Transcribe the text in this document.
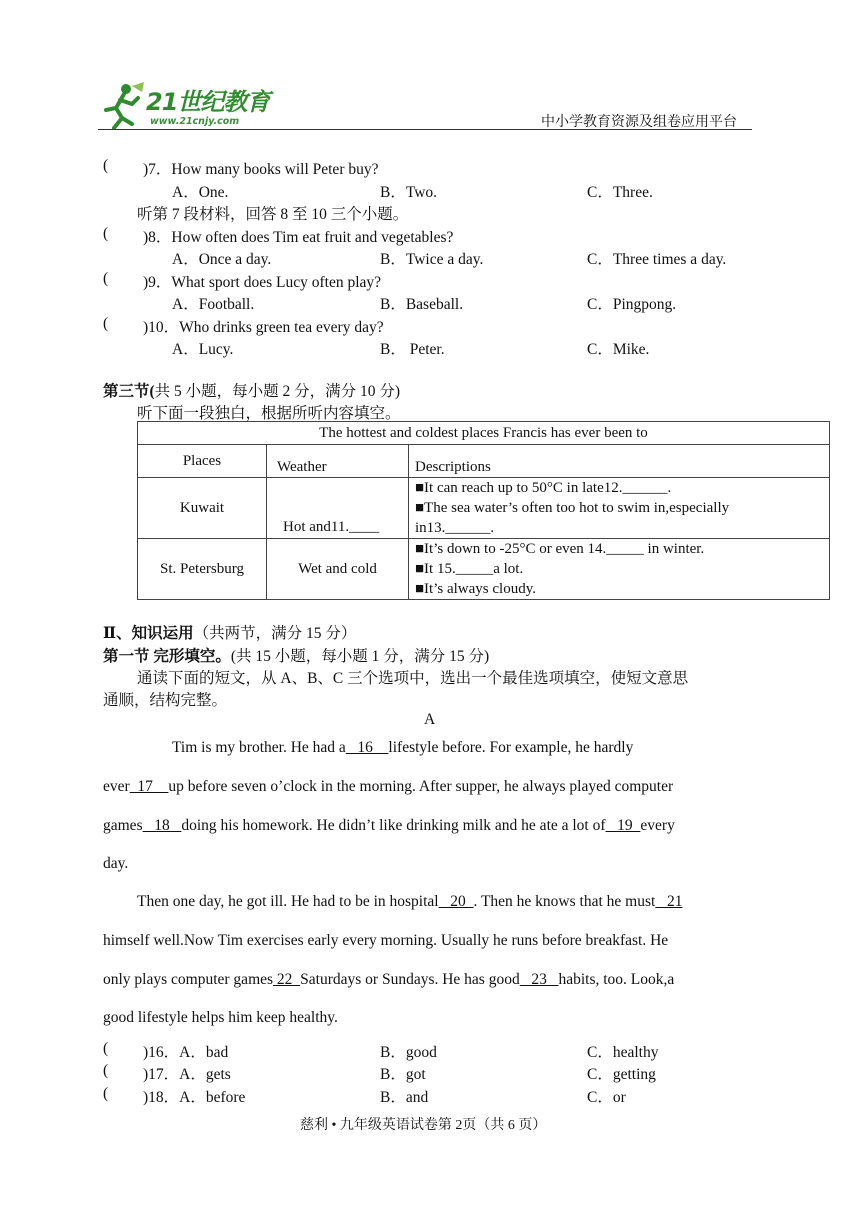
21世纪教育
www.21cnjy.com	中小学教育资源及组卷应用平台
( )7．How many books will Peter buy?
A．One.	B．Two.	C．Three.
听第 7 段材料，回答 8 至 10 三个小题。
( )8．How often does Tim eat fruit and vegetables?
A．Once a day.	B．Twice a day.	C．Three times a day.
( )9．What sport does Lucy often play?
A．Football.	B．Baseball.	C．Pingpong.
( )10．Who drinks green tea every day?
A．Lucy.	B． Peter.	C．Mike.
第三节(共 5 小题，每小题 2 分，满分 10 分)
听下面一段独白，根据所听内容填空。
The hottest and coldest places Francis has ever been to		
Places	Weather	Descriptions
Kuwait	Hot and11.____	■It can reach up to 50°C in late12.______.
■The sea water’s often too hot to swim in,especially
in13.______.

St. Petersburg	Wet and cold	■It’s down to -25°C or even 14._____ in winter.
■It 15._____a lot.
■It’s always cloudy.
Ⅱ、知识运用（共两节，满分 15 分）
第一节 完形填空。(共 15 小题，每小题 1 分，满分 15 分)
通读下面的短文，从 A、B、C 三个选项中，选出一个最佳选项填空，使短文意思
通顺，结构完整。
A
Tim is my brother. He had a   16    lifestyle before. For example, he hardly
ever  17    up before seven o’clock in the morning. After supper, he always played computer
games   18   doing his homework. He didn’t like drinking milk and he ate a lot of   19  every
day.
Then one day, he got ill. He had to be in hospital   20  . Then he knows that he must   21
himself well.Now Tim exercises early every morning. Usually he runs before breakfast. He
only plays computer games 22  Saturdays or Sundays. He has good   23   habits, too. Look,a
good lifestyle helps him keep healthy.
( )16．A．bad	B．good	C．healthy
( )17．A．gets	B．got	C．getting
( )18．A．before	B．and	C．or
慈利 • 九年级英语试卷第 2页（共 6 页）
